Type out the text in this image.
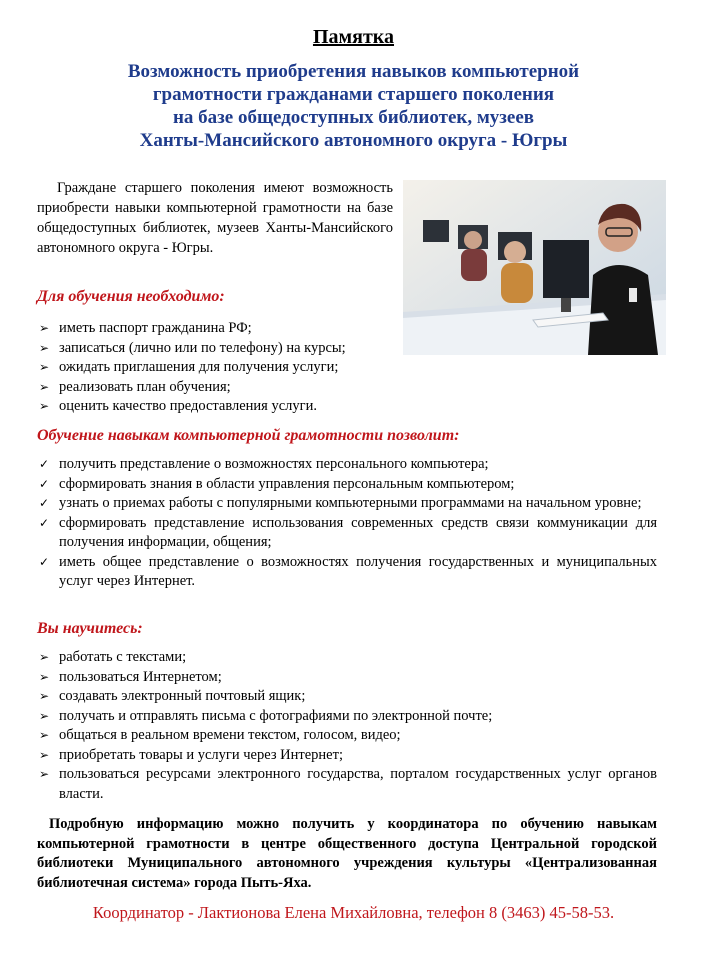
Памятка
Возможность приобретения навыков компьютерной
грамотности гражданами старшего поколения
на базе общедоступных библиотек, музеев
Ханты-Мансийского автономного округа - Югры
Граждане старшего поколения имеют возможность приобрести навыки компьютерной грамотности на базе общедоступных библиотек, музеев Ханты-Мансийского автономного округа - Югры.
Для обучения необходимо:
➢ иметь паспорт гражданина РФ;
➢ записаться (лично или по телефону) на курсы;
➢ ожидать приглашения для получения услуги;
➢ реализовать план обучения;
➢ оценить качество предоставления услуги.
Обучение навыкам компьютерной грамотности позволит:
✓ получить представление о возможностях персонального компьютера;
✓ сформировать знания в области управления персональным компьютером;
✓ узнать о приемах работы с популярными компьютерными программами на начальном уровне;
✓ сформировать представление использования современных средств связи коммуникации для получения информации, общения;
✓ иметь общее представление о возможностях получения государственных и муниципальных услуг через Интернет.
Вы научитесь:
➢ работать с текстами;
➢ пользоваться Интернетом;
➢ создавать электронный почтовый ящик;
➢ получать и отправлять письма с фотографиями по электронной почте;
➢ общаться в реальном времени текстом, голосом, видео;
➢ приобретать товары и услуги через Интернет;
➢ пользоваться ресурсами электронного государства, порталом государственных услуг органов власти.
Подробную информацию можно получить у координатора по обучению навыкам компьютерной грамотности в центре общественного доступа Центральной городской библиотеки Муниципального автономного учреждения культуры «Централизованная библиотечная система» города Пыть-Яха.
Координатор - Лактионова Елена Михайловна, телефон 8 (3463) 45-58-53.
